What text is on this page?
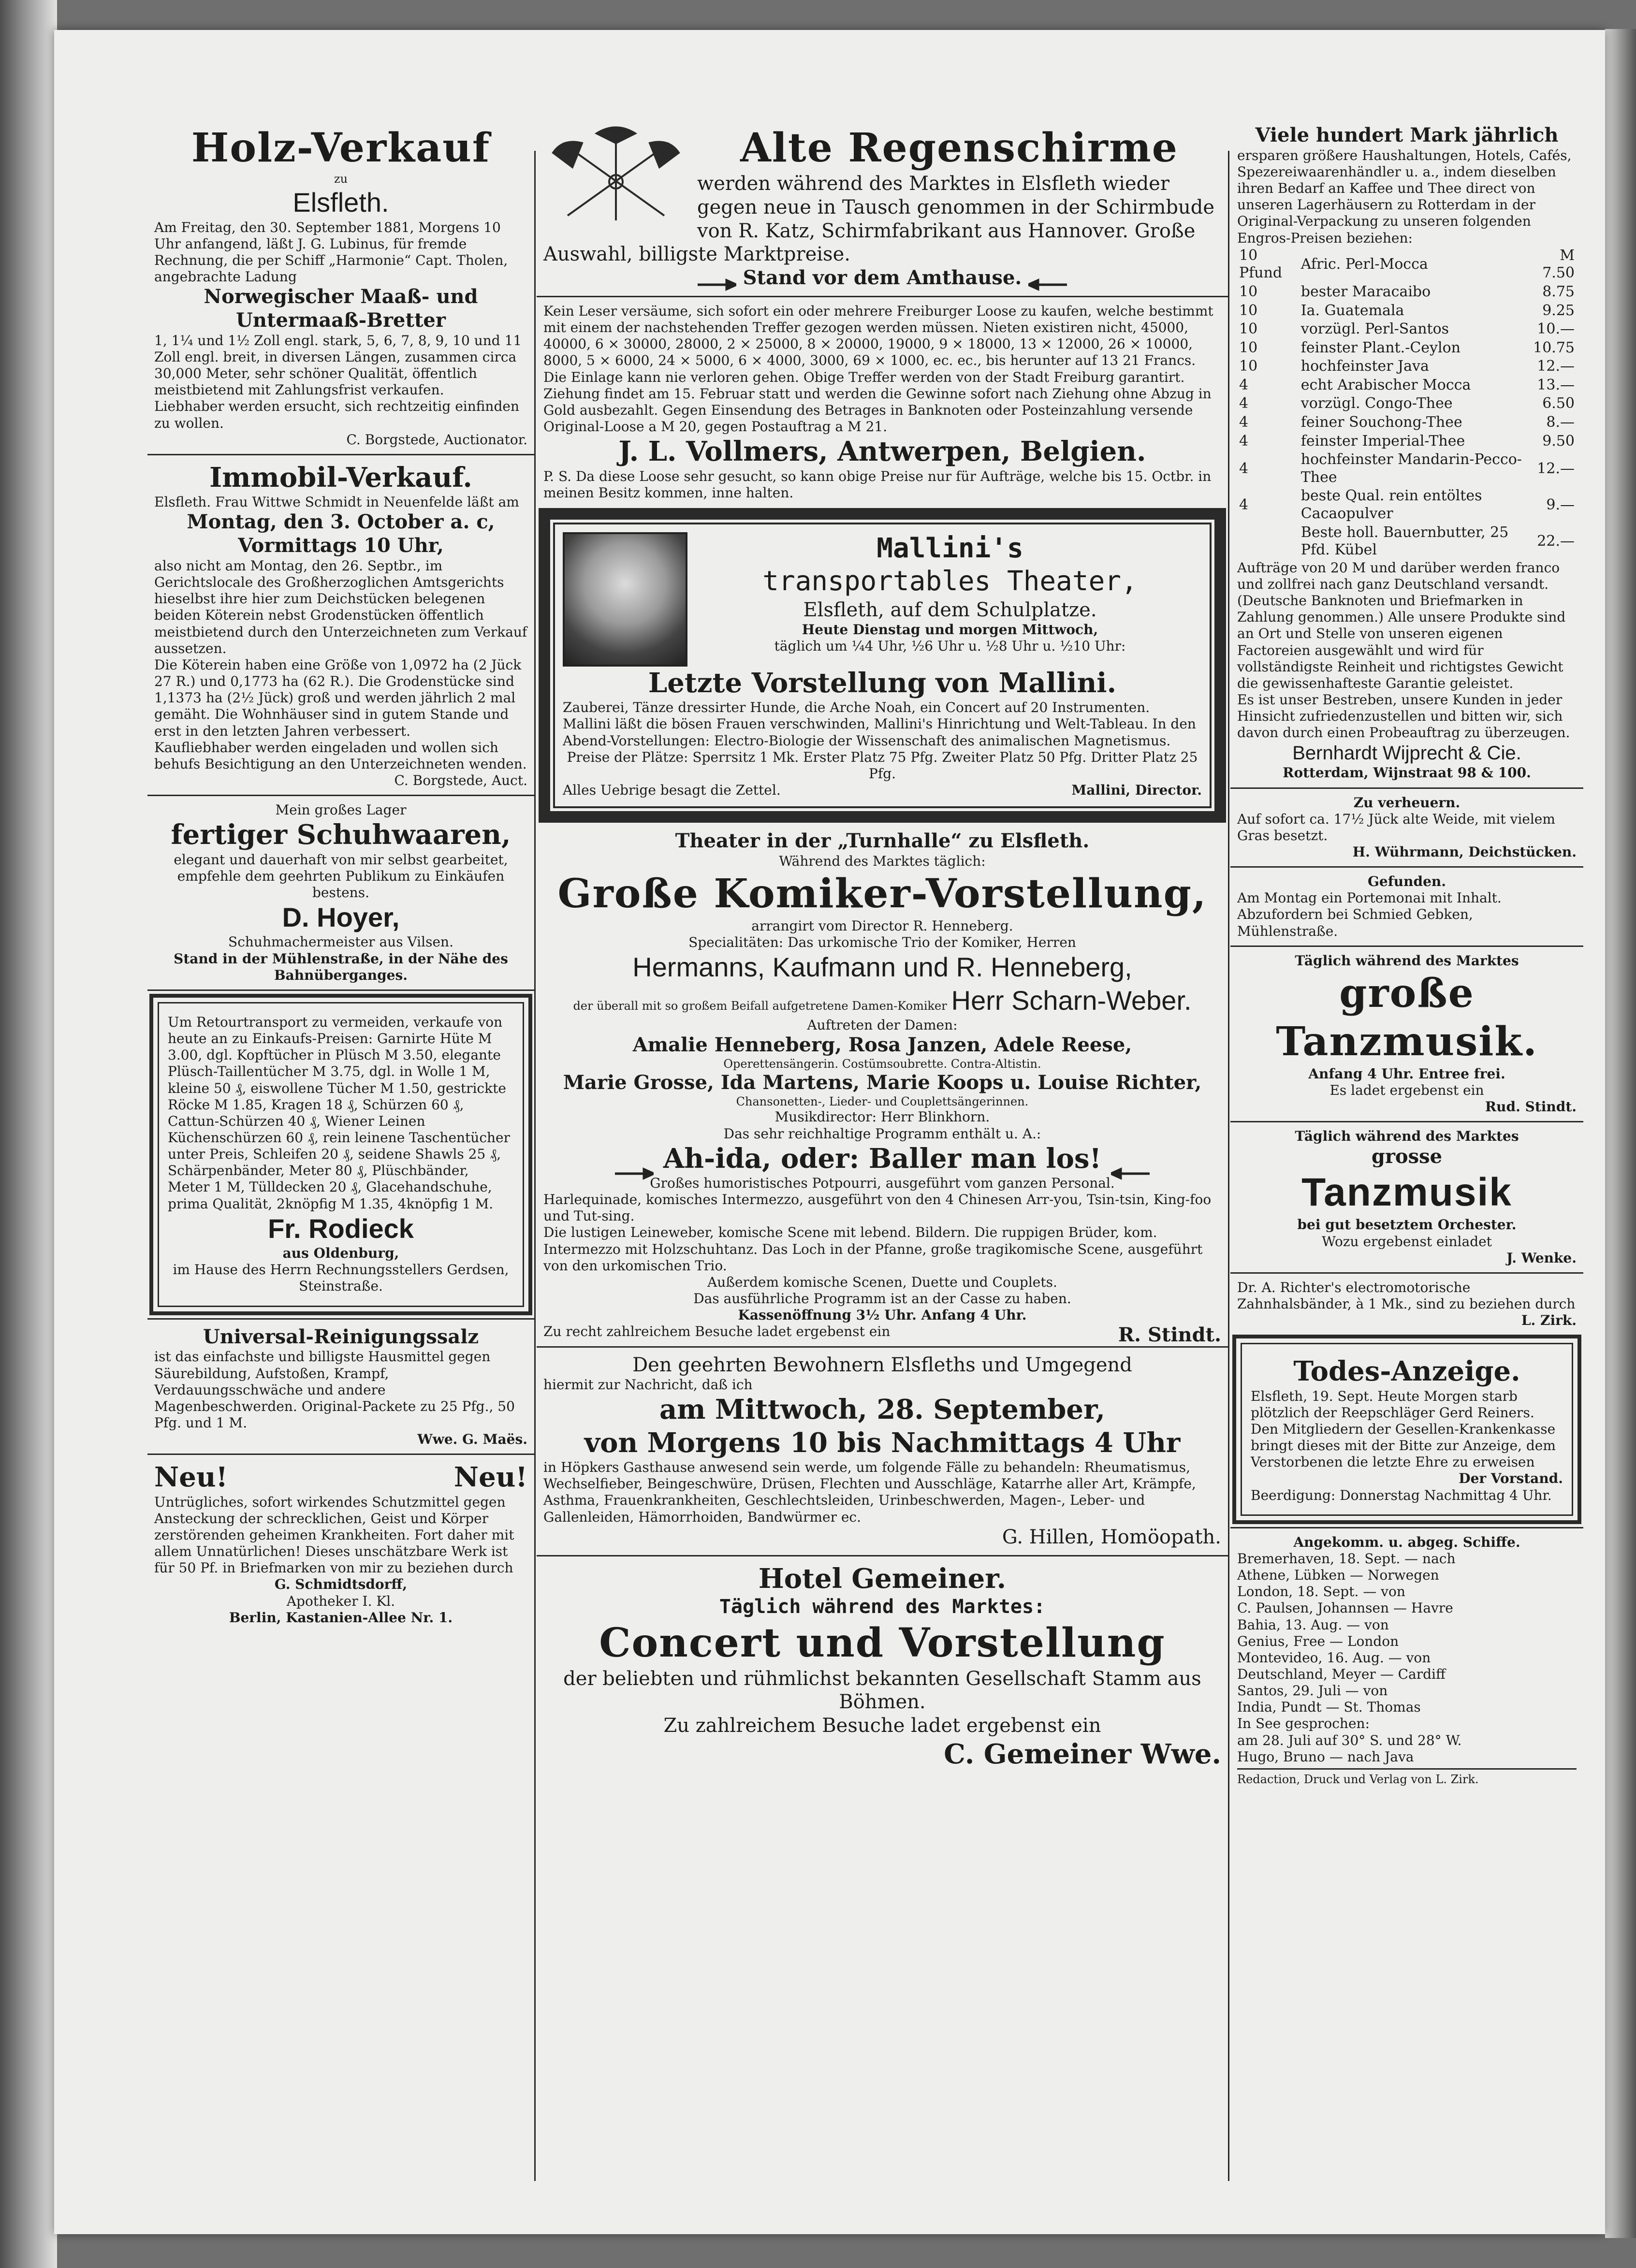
Holz-Verkauf
zu
Elsfleth.
Am Freitag, den 30. September 1881, Morgens 10 Uhr anfangend, läßt J. G. Lubinus, für fremde Rechnung, die per Schiff „Harmonie“ Capt. Tholen, angebrachte Ladung
Norwegischer Maaß- und Untermaaß-Bretter
1, 1¼ und 1½ Zoll engl. stark, 5, 6, 7, 8, 9, 10 und 11 Zoll engl. breit, in diversen Längen, zusammen circa 30,000 Meter, sehr schöner Qualität, öffentlich meistbietend mit Zahlungsfrist verkaufen.
Liebhaber werden ersucht, sich rechtzeitig einfinden zu wollen.
C. Borgstede, Auctionator.
Immobil-Verkauf.
Elsfleth. Frau Wittwe Schmidt in Neuenfelde läßt am
Montag, den 3. October a. c, Vormittags 10 Uhr,
also nicht am Montag, den 26. Septbr., im Gerichtslocale des Großherzoglichen Amtsgerichts hieselbst ihre hier zum Deichstücken belegenen beiden Köterein nebst Grodenstücken öffentlich meistbietend durch den Unterzeichneten zum Verkauf aussetzen.
Die Köterein haben eine Größe von 1,0972 ha (2 Jück 27 R.) und 0,1773 ha (62 R.). Die Grodenstücke sind 1,1373 ha (2½ Jück) groß und werden jährlich 2 mal gemäht. Die Wohnhäuser sind in gutem Stande und erst in den letzten Jahren verbessert.
Kaufliebhaber werden eingeladen und wollen sich behufs Besichtigung an den Unterzeichneten wenden.
C. Borgstede, Auct.
Mein großes Lager
fertiger Schuhwaaren,
elegant und dauerhaft von mir selbst gearbeitet, empfehle dem geehrten Publikum zu Einkäufen bestens.
D. Hoyer,
Schuhmachermeister aus Vilsen.
Stand in der Mühlenstraße, in der Nähe des Bahnüberganges.
Um Retourtransport zu vermeiden, verkaufe von heute an zu Einkaufs-Preisen: Garnirte Hüte M 3.00, dgl. Kopftücher in Plüsch M 3.50, elegante Plüsch-Taillentücher M 3.75, dgl. in Wolle 1 M, kleine 50 ₰, eiswollene Tücher M 1.50, gestrickte Röcke M 1.85, Kragen 18 ₰, Schürzen 60 ₰, Cattun-Schürzen 40 ₰, Wiener Leinen Küchenschürzen 60 ₰, rein leinene Taschentücher unter Preis, Schleifen 20 ₰, seidene Shawls 25 ₰, Schärpenbänder, Meter 80 ₰, Plüschbänder, Meter 1 M, Tülldecken 20 ₰, Glacehandschuhe, prima Qualität, 2knöpfig M 1.35, 4knöpfig 1 M.
Fr. Rodieck
aus Oldenburg,
im Hause des Herrn Rechnungsstellers Gerdsen, Steinstraße.
Universal-Reinigungssalz
ist das einfachste und billigste Hausmittel gegen Säurebildung, Aufstoßen, Krampf, Verdauungsschwäche und andere Magenbeschwerden. Original-Packete zu 25 Pfg., 50 Pfg. und 1 M.
Wwe. G. Maës.
Neu!	Neu!
Untrügliches, sofort wirkendes Schutzmittel gegen Ansteckung der schrecklichen, Geist und Körper zerstörenden geheimen Krankheiten. Fort daher mit allem Unnatürlichen! Dieses unschätzbare Werk ist für 50 Pf. in Briefmarken von mir zu beziehen durch
G. Schmidtsdorff,
Apotheker I. Kl.
Berlin, Kastanien-Allee Nr. 1.
Alte Regenschirme
werden während des Marktes in Elsfleth wieder gegen neue in Tausch genommen in der Schirmbude von R. Katz, Schirmfabrikant aus Hannover. Große Auswahl, billigste Marktpreise.
Stand vor dem Amthause.
Kein Leser versäume, sich sofort ein oder mehrere Freiburger Loose zu kaufen, welche bestimmt mit einem der nachstehenden Treffer gezogen werden müssen. Nieten existiren nicht, 45000, 40000, 6 × 30000, 28000, 2 × 25000, 8 × 20000, 19000, 9 × 18000, 13 × 12000, 26 × 10000, 8000, 5 × 6000, 24 × 5000, 6 × 4000, 3000, 69 × 1000, ec. ec., bis herunter auf 13 21 Francs. Die Einlage kann nie verloren gehen. Obige Treffer werden von der Stadt Freiburg garantirt. Ziehung findet am 15. Februar statt und werden die Gewinne sofort nach Ziehung ohne Abzug in Gold ausbezahlt. Gegen Einsendung des Betrages in Banknoten oder Posteinzahlung versende Original-Loose a M 20, gegen Postauftrag a M 21.
J. L. Vollmers, Antwerpen, Belgien.
P. S. Da diese Loose sehr gesucht, so kann obige Preise nur für Aufträge, welche bis 15. Octbr. in meinen Besitz kommen, inne halten.
Mallini's
transportables Theater,
Elsfleth, auf dem Schulplatze.
Heute Dienstag und morgen Mittwoch,
täglich um ¼4 Uhr, ½6 Uhr u. ½8 Uhr u. ½10 Uhr:
Letzte Vorstellung von Mallini.
Zauberei, Tänze dressirter Hunde, die Arche Noah, ein Concert auf 20 Instrumenten. Mallini läßt die bösen Frauen verschwinden, Mallini's Hinrichtung und Welt-Tableau. In den Abend-Vorstellungen: Electro-Biologie der Wissenschaft des animalischen Magnetismus.
Preise der Plätze: Sperrsitz 1 Mk. Erster Platz 75 Pfg. Zweiter Platz 50 Pfg. Dritter Platz 25 Pfg.
Alles Uebrige besagt die Zettel.	Mallini, Director.
Theater in der „Turnhalle“ zu Elsfleth.
Während des Marktes täglich:
Große Komiker-Vorstellung,
arrangirt vom Director R. Henneberg.
Specialitäten: Das urkomische Trio der Komiker, Herren
Hermanns, Kaufmann und R. Henneberg,
der überall mit so großem Beifall aufgetretene Damen-Komiker Herr Scharn-Weber.
Auftreten der Damen:
Amalie Henneberg, Rosa Janzen, Adele Reese,
Operettensängerin. Costümsoubrette. Contra-Altistin.
Marie Grosse, Ida Martens, Marie Koops u. Louise Richter,
Chansonetten-, Lieder- und Couplettsängerinnen.
Musikdirector: Herr Blinkhorn.
Das sehr reichhaltige Programm enthält u. A.:
Ah-ida, oder: Baller man los!
Großes humoristisches Potpourri, ausgeführt vom ganzen Personal.
Harlequinade, komisches Intermezzo, ausgeführt von den 4 Chinesen Arr-you, Tsin-tsin, King-foo und Tut-sing.
Die lustigen Leineweber, komische Scene mit lebend. Bildern. Die ruppigen Brüder, kom. Intermezzo mit Holzschuhtanz. Das Loch in der Pfanne, große tragikomische Scene, ausgeführt von den urkomischen Trio.
Außerdem komische Scenen, Duette und Couplets.
Das ausführliche Programm ist an der Casse zu haben.
Kassenöffnung 3½ Uhr. Anfang 4 Uhr.
Zu recht zahlreichem Besuche ladet ergebenst ein	R. Stindt.
Den geehrten Bewohnern Elsfleths und Umgegend
hiermit zur Nachricht, daß ich
am Mittwoch, 28. September,
von Morgens 10 bis Nachmittags 4 Uhr
in Höpkers Gasthause anwesend sein werde, um folgende Fälle zu behandeln: Rheumatismus, Wechselfieber, Beingeschwüre, Drüsen, Flechten und Ausschläge, Katarrhe aller Art, Krämpfe, Asthma, Frauenkrankheiten, Geschlechtsleiden, Urinbeschwerden, Magen-, Leber- und Gallenleiden, Hämorrhoiden, Bandwürmer ec.
G. Hillen, Homöopath.
Hotel Gemeiner.
Täglich während des Marktes:
Concert und Vorstellung
der beliebten und rühmlichst bekannten Gesellschaft Stamm aus Böhmen.
Zu zahlreichem Besuche ladet ergebenst ein
C. Gemeiner Wwe.
Viele hundert Mark jährlich
ersparen größere Haushaltungen, Hotels, Cafés, Spezereiwaarenhändler u. a., indem dieselben ihren Bedarf an Kaffee und Thee direct von unseren Lagerhäusern zu Rotterdam in der Original-Verpackung zu unseren folgenden Engros-Preisen beziehen:
10 Pfund	Afric. Perl-Mocca	M 7.50
10	bester Maracaibo	8.75
10	Ia. Guatemala	9.25
10	vorzügl. Perl-Santos	10.—
10	feinster Plant.-Ceylon	10.75
10	hochfeinster Java	12.—
4	echt Arabischer Mocca	13.—
4	vorzügl. Congo-Thee	6.50
4	feiner Souchong-Thee	8.—
4	feinster Imperial-Thee	9.50
4	hochfeinster Mandarin-Pecco-Thee	12.—
4	beste Qual. rein entöltes Cacaopulver	9.—
	Beste holl. Bauernbutter, 25 Pfd. Kübel	22.—
Aufträge von 20 M und darüber werden franco und zollfrei nach ganz Deutschland versandt. (Deutsche Banknoten und Briefmarken in Zahlung genommen.) Alle unsere Produkte sind an Ort und Stelle von unseren eigenen Factoreien ausgewählt und wird für vollständigste Reinheit und richtigstes Gewicht die gewissenhafteste Garantie geleistet.
Es ist unser Bestreben, unsere Kunden in jeder Hinsicht zufriedenzustellen und bitten wir, sich davon durch einen Probeauftrag zu überzeugen.
Bernhardt Wijprecht & Cie.
Rotterdam, Wijnstraat 98 & 100.
Zu verheuern.
Auf sofort ca. 17½ Jück alte Weide, mit vielem Gras besetzt.
H. Wührmann, Deichstücken.
Gefunden.
Am Montag ein Portemonai mit Inhalt. Abzufordern bei Schmied Gebken, Mühlenstraße.
Täglich während des Marktes
große Tanzmusik.
Anfang 4 Uhr. Entree frei.
Es ladet ergebenst ein
Rud. Stindt.
Täglich während des Marktes
grosse
Tanzmusik
bei gut besetztem Orchester.
Wozu ergebenst einladet
J. Wenke.
Dr. A. Richter's electromotorische Zahnhalsbänder, à 1 Mk., sind zu beziehen durch
L. Zirk.
Todes-Anzeige.
Elsfleth, 19. Sept. Heute Morgen starb plötzlich der Reepschläger Gerd Reiners. Den Mitgliedern der Gesellen-Krankenkasse bringt dieses mit der Bitte zur Anzeige, dem Verstorbenen die letzte Ehre zu erweisen
Der Vorstand.
Beerdigung: Donnerstag Nachmittag 4 Uhr.
Angekomm. u. abgeg. Schiffe.
Bremerhaven, 18. Sept. — nach
Athene, Lübken — Norwegen
London, 18. Sept. — von
C. Paulsen, Johannsen — Havre
Bahia, 13. Aug. — von
Genius, Free — London
Montevideo, 16. Aug. — von
Deutschland, Meyer — Cardiff
Santos, 29. Juli — von
India, Pundt — St. Thomas
In See gesprochen:
am 28. Juli auf 30° S. und 28° W.
Hugo, Bruno — nach Java
Redaction, Druck und Verlag von L. Zirk.
